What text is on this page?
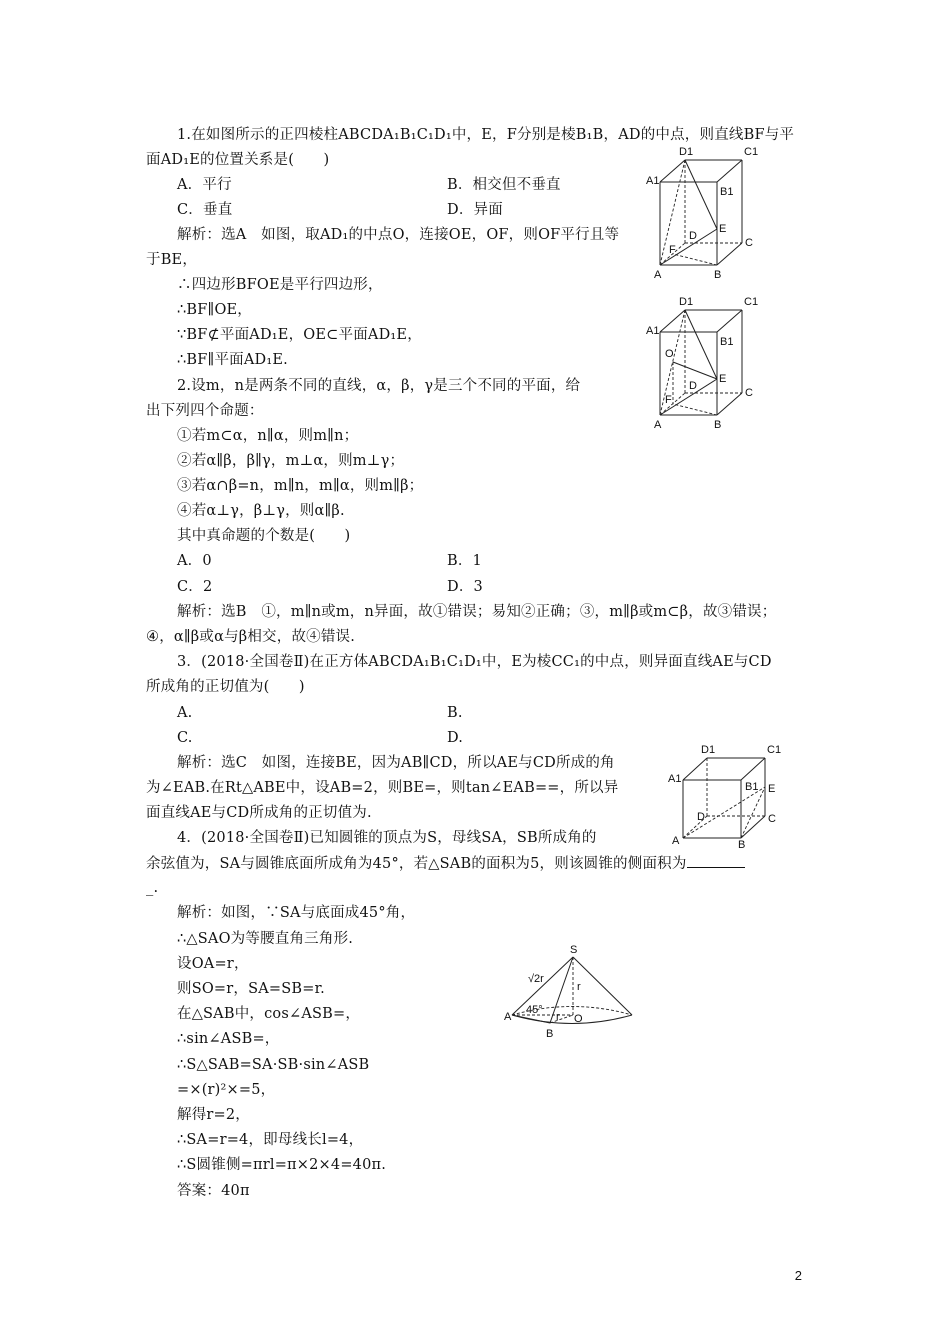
1.在如图所示的正四棱柱ABCDA₁B₁C₁D₁中，E，F分别是棱B₁B，AD的中点，则直线BF与平
面AD₁E的位置关系是(　　)
A．平行	B．相交但不垂直
C．垂直	D．异面
解析：选A　如图，取AD₁的中点O，连接OE，OF，则OF平行且等
于BE，
∴四边形BFOE是平行四边形，
∴BF∥OE，
∵BF⊄平面AD₁E，OE⊂平面AD₁E，
∴BF∥平面AD₁E.
2.设m，n是两条不同的直线，α，β，γ是三个不同的平面，给
出下列四个命题：
①若m⊂α，n∥α，则m∥n；
②若α∥β，β∥γ，m⊥α，则m⊥γ；
③若α∩β=n，m∥n，m∥α，则m∥β；
④若α⊥γ，β⊥γ，则α∥β.
其中真命题的个数是(　　)
A．0	B．1
C．2	D．3
解析：选B　①，m∥n或m，n异面，故①错误；易知②正确；③，m∥β或m⊂β，故③错误；
④，α∥β或α与β相交，故④错误.
3．(2018·全国卷Ⅱ)在正方体ABCDA₁B₁C₁D₁中，E为棱CC₁的中点，则异面直线AE与CD
所成角的正切值为(　　)
A.	B.
C.	D.
解析：选C　如图，连接BE，因为AB∥CD，所以AE与CD所成的角
为∠EAB.在Rt△ABE中，设AB=2，则BE=，则tan∠EAB==，所以异
面直线AE与CD所成角的正切值为.
4．(2018·全国卷Ⅱ)已知圆锥的顶点为S，母线SA，SB所成角的
余弦值为，SA与圆锥底面所成角为45°，若△SAB的面积为5，则该圆锥的侧面积为
_.
解析：如图，∵SA与底面成45°角，
∴△SAO为等腰直角三角形.
设OA=r，
则SO=r，SA=SB=r.
在△SAB中，cos∠ASB=，
∴sin∠ASB=，
∴S△SAB=SA·SB·sin∠ASB
=×(r)²×=5，
解得r=2，
∴SA=r=4，即母线长l=4，
∴S圆锥侧=πrl=π×2×4=40π.
答案：40π
D1	C1
A1
B1
E
D
C
F
A	B
D1	C1
A1
B1
O
E
D
C
F
A	B
D1	C1
A1
B1 E
D	C
A	B
S
√2r
r
45°
r O
A
B
2
